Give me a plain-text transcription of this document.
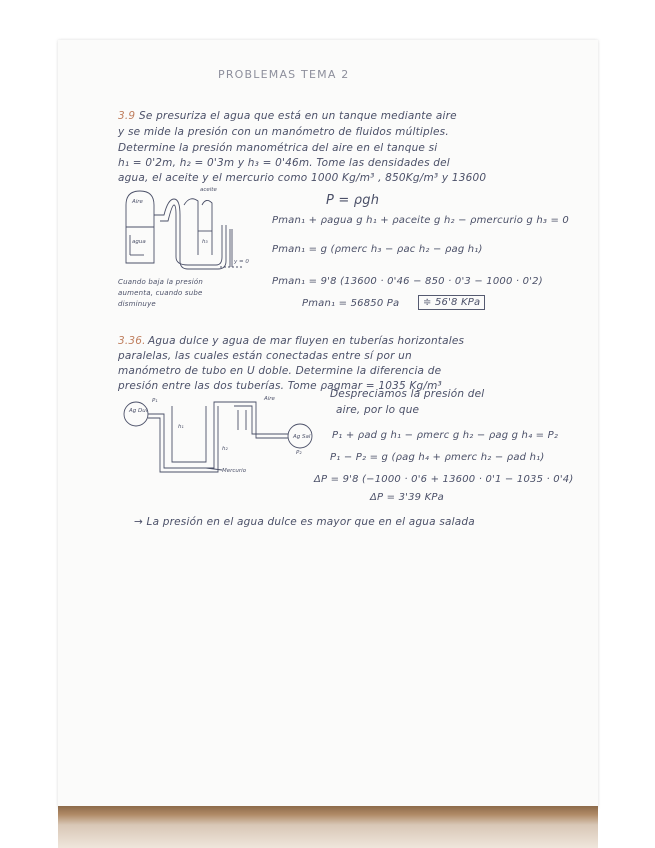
PROBLEMAS TEMA 2
3.9 Se presuriza el agua que está en un tanque mediante aire
y se mide la presión con un manómetro de fluidos múltiples.
Determine la presión manométrica del aire en el tanque si
h₁ = 0'2m, h₂ = 0'3m y h₃ = 0'46m. Tome las densidades del
agua, el aceite y el mercurio como 1000 Kg/m³ , 850Kg/m³ y 13600
Aire
agua
aceite
h₃
y = 0
Cuando baja la presión
aumenta, cuando sube
disminuye
P = ρgh
Pman₁ + ρagua g h₁ + ρaceite g h₂ − ρmercurio g h₃ = 0
Pman₁ = g (ρmerc h₃ − ρac h₂ − ρag h₁)
Pman₁ = 9'8 (13600 · 0'46 − 850 · 0'3 − 1000 · 0'2)
Pman₁ = 56850 Pa	≑ 56'8 KPa
3.36. Agua dulce y agua de mar fluyen en tuberías horizontales
paralelas, las cuales están conectadas entre sí por un
manómetro de tubo en U doble. Determine la diferencia de
presión entre las dos tuberías. Tome ρagmar = 1035 Kg/m³
Ag Dul
Ag Sal
P₁
P₂
Aire
Mercurio
h₁
h₂
Despreciamos la presión del
aire, por lo que
P₁ + ρad g h₁ − ρmerc g h₂ − ρag g h₄ = P₂
P₁ − P₂ = g (ρag h₄ + ρmerc h₂ − ρad h₁)
ΔP = 9'8 (−1000 · 0'6 + 13600 · 0'1 − 1035 · 0'4)
ΔP = 3'39 KPa
→ La presión en el agua dulce es mayor que en el agua salada
